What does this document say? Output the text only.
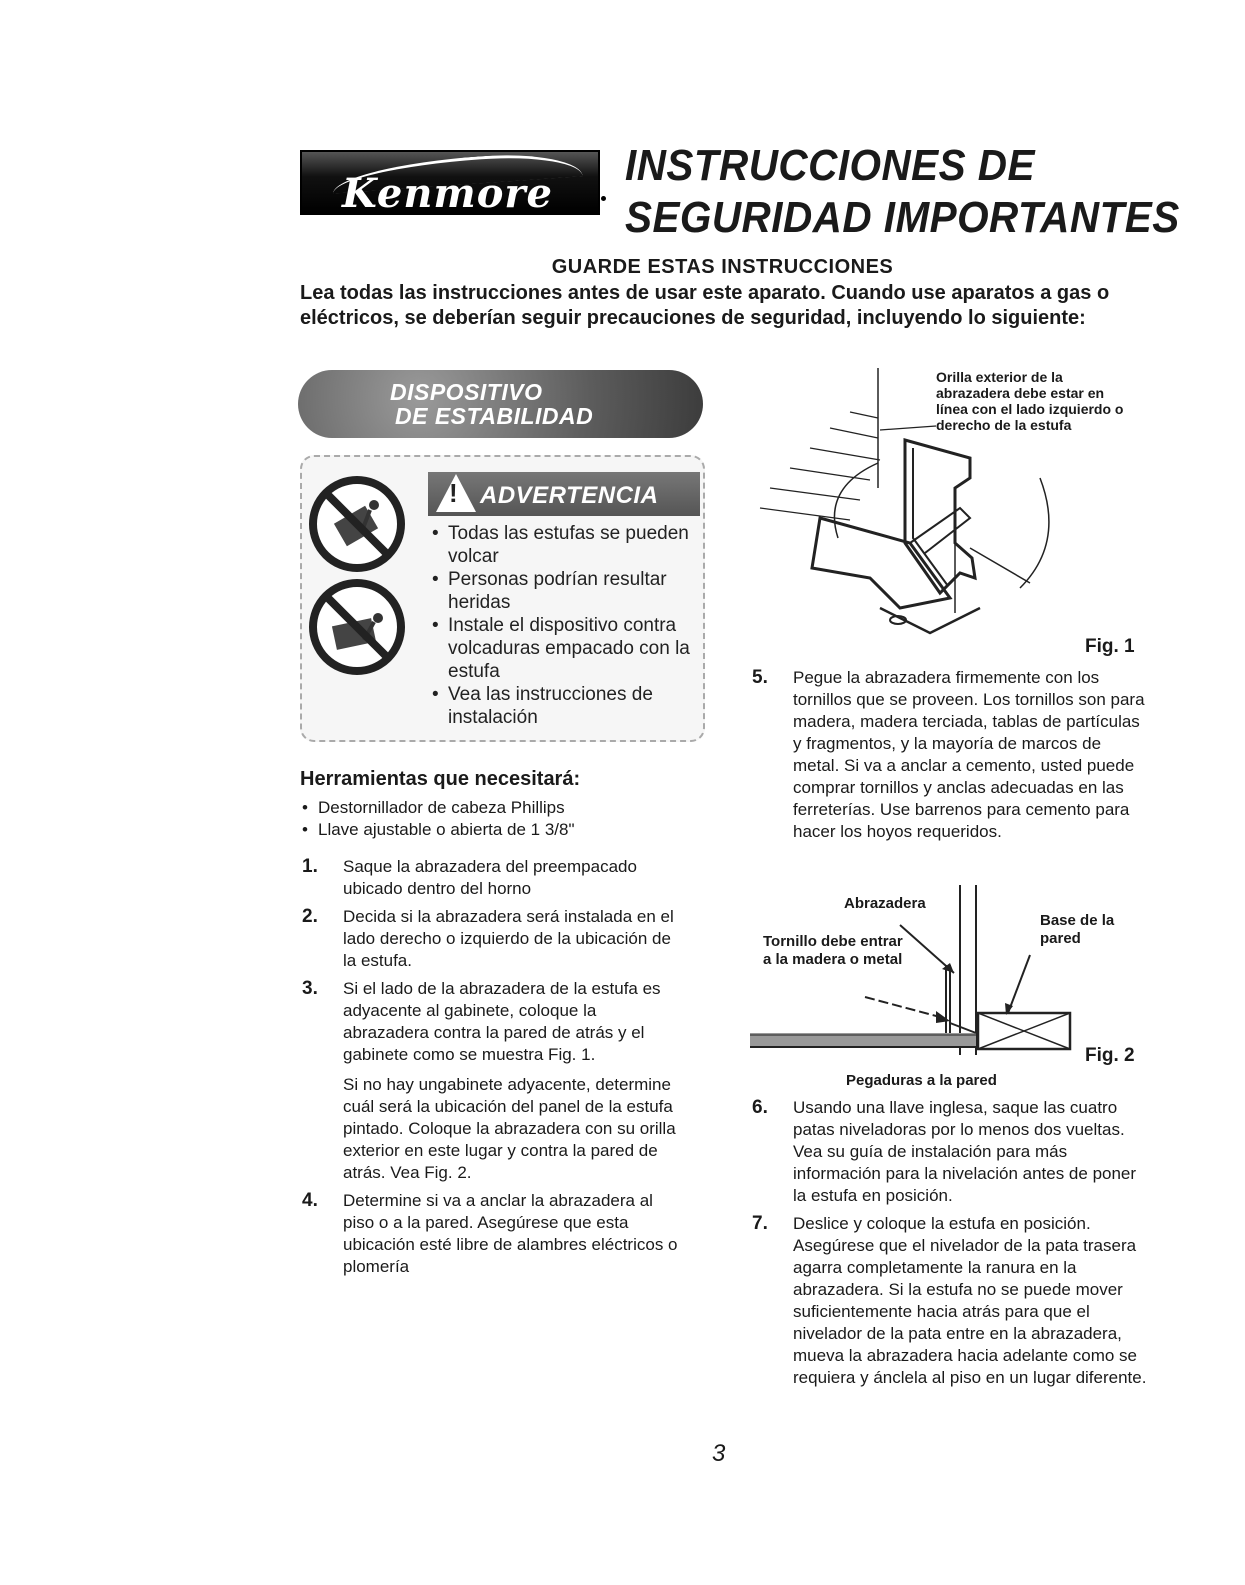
Kenmore
INSTRUCCIONES DE
SEGURIDAD IMPORTANTES
GUARDE ESTAS INSTRUCCIONES
Lea todas las instrucciones antes de usar este aparato. Cuando use aparatos a gas o eléctricos, se deberían seguir precauciones de seguridad, incluyendo lo siguiente:
DISPOSITIVO
DE ESTABILIDAD
! ADVERTENCIA
• Todas las estufas se pueden volcar
• Personas podrían resultar heridas
• Instale el dispositivo contra volcaduras empacado con la estufa
• Vea las instrucciones de instalación
Herramientas que necesitará:
• Destornillador de cabeza Phillips
• Llave ajustable o abierta de 1 3/8"
1. Saque la abrazadera del preempacado ubicado dentro del horno

2. Decida si la abrazadera será instalada en el lado derecho o izquierdo de la ubicación de la estufa.

3. Si el lado de la abrazadera de la estufa es adyacente al gabinete, coloque la abrazadera contra la pared de atrás y el gabinete como se muestra Fig. 1.

Si no hay ungabinete adyacente, determine cuál será la ubicación del panel de la estufa pintado. Coloque la abrazadera con su orilla exterior en este lugar y contra la pared de atrás. Vea Fig. 2.

4. Determine si va a anclar la abrazadera al piso o a la pared. Asegúrese que esta ubicación esté libre de alambres eléctricos o plomería

Orilla exterior de la abrazadera debe estar en línea con el lado izquierdo o derecho de la estufa
Fig. 1
5. Pegue la abrazadera firmemente con los tornillos que se proveen. Los tornillos son para madera, madera terciada, tablas de partículas y fragmentos, y la mayoría de marcos de metal. Si va a anclar a cemento, usted puede comprar tornillos y anclas adecuadas en las ferreterías. Use barrenos para cemento para hacer los hoyos requeridos.

Abrazadera
Tornillo debe entrar a la madera o metal
Base de la pared
Pegaduras a la pared
Fig. 2
6. Usando una llave inglesa, saque las cuatro patas niveladoras por lo menos dos vueltas. Vea su guía de instalación para más información para la nivelación antes de poner la estufa en posición.

7. Deslice y coloque la estufa en posición. Asegúrese que el nivelador de la pata trasera agarra completamente la ranura en la abrazadera. Si la estufa no se puede mover suficientemente hacia atrás para que el nivelador de la pata entre en la abrazadera, mueva la abrazadera hacia adelante como se requiera y ánclela al piso en un lugar diferente.

3
